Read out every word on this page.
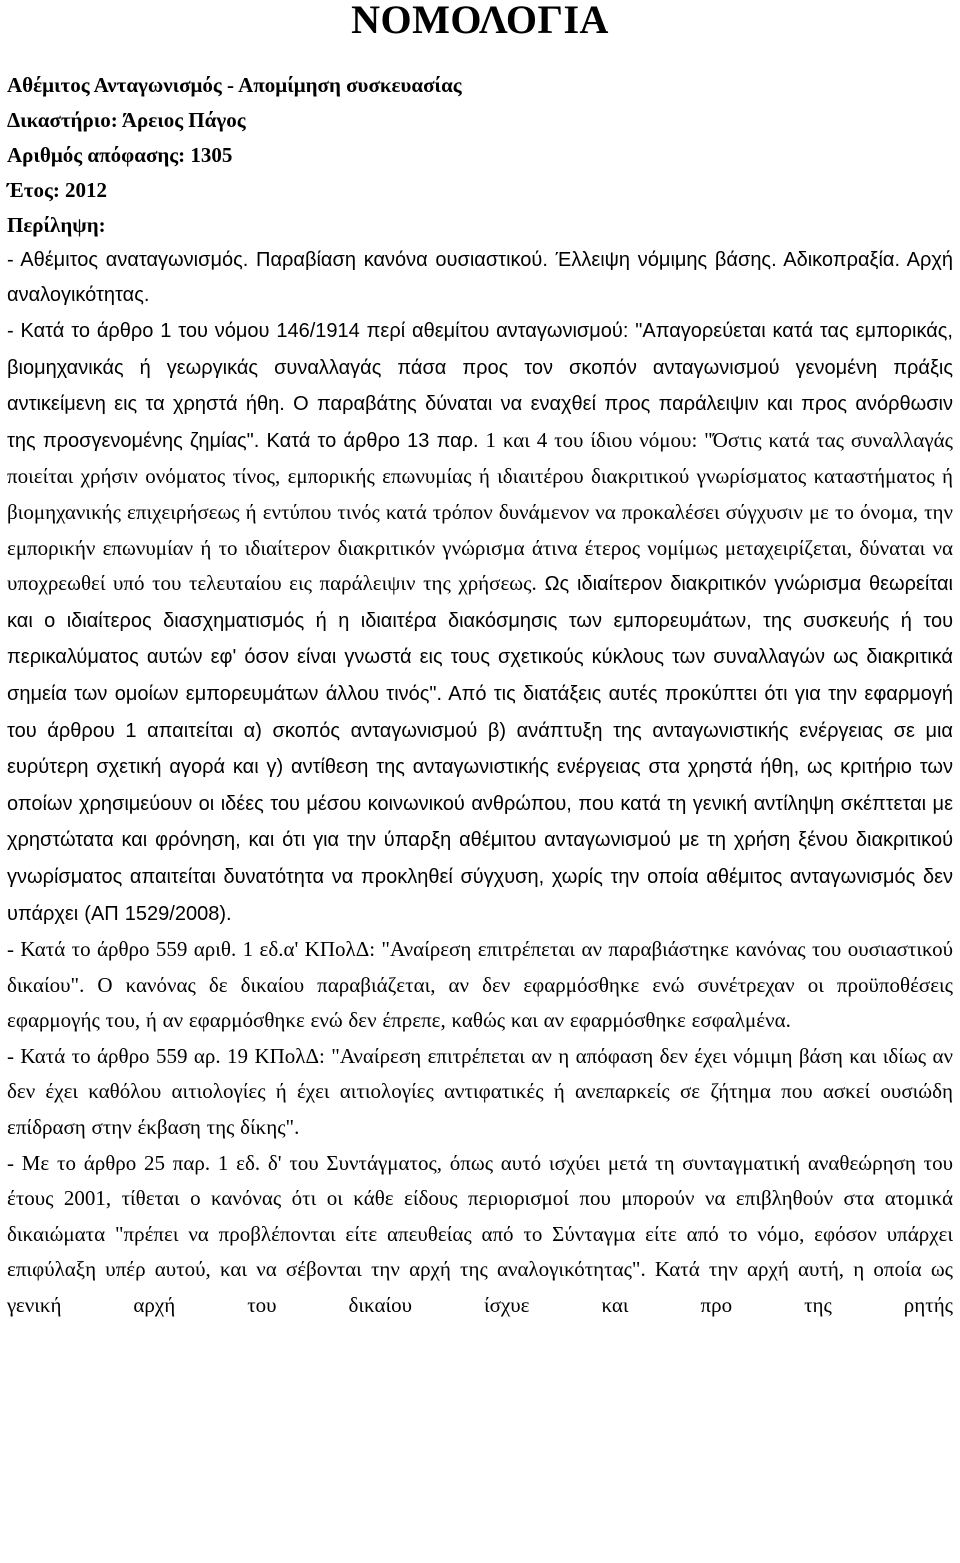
ΝΟΜΟΛΟΓΙΑ
Αθέμιτος Ανταγωνισμός - Απομίμηση συσκευασίας
Δικαστήριο: Άρειος Πάγος
Αριθμός απόφασης: 1305
Έτος: 2012
Περίληψη:

- Αθέμιτος αναταγωνισμός. Παραβίαση κανόνα ουσιαστικού. Έλλειψη νόμιμης βάσης. Αδικοπραξία. Αρχή αναλογικότητας.

- Κατά το άρθρο 1 του νόμου 146/1914 περί αθεμίτου ανταγωνισμού: "Απαγορεύεται κατά τας εμπορικάς, βιομηχανικάς ή γεωργικάς συναλλαγάς πάσα προς τον σκοπόν ανταγωνισμού γενομένη πράξις αντικείμενη εις τα χρηστά ήθη. Ο παραβάτης δύναται να εναχθεί προς παράλειψιν και προς ανόρθωσιν της προσγενομένης ζημίας". Κατά το άρθρο 13 παρ. 1 και 4 του ίδιου νόμου: "Όστις κατά τας συναλλαγάς ποιείται χρήσιν ονόματος τίνος, εμπορικής επωνυμίας ή ιδιαιτέρου διακριτικού γνωρίσματος καταστήματος ή βιομηχανικής επιχειρήσεως ή εντύπου τινός κατά τρόπον δυνάμενον να προκαλέσει σύγχυσιν με το όνομα, την εμπορικήν επωνυμίαν ή το ιδιαίτερον διακριτικόν γνώρισμα άτινα έτερος νομίμως μεταχειρίζεται, δύναται να υποχρεωθεί υπό του τελευταίου εις παράλειψιν της χρήσεως. Ως ιδιαίτερον διακριτικόν γνώρισμα θεωρείται και ο ιδιαίτερος διασχηματισμός ή η ιδιαιτέρα διακόσμησις των εμπορευμάτων, της συσκευής ή του περικαλύματος αυτών εφ' όσον είναι γνωστά εις τους σχετικούς κύκλους των συναλλαγών ως διακριτικά σημεία των ομοίων εμπορευμάτων άλλου τινός". Από τις διατάξεις αυτές προκύπτει ότι για την εφαρμογή του άρθρου 1 απαιτείται α) σκοπός ανταγωνισμού β) ανάπτυξη της ανταγωνιστικής ενέργειας σε μια ευρύτερη σχετική αγορά και γ) αντίθεση της ανταγωνιστικής ενέργειας στα χρηστά ήθη, ως κριτήριο των οποίων χρησιμεύουν οι ιδέες του μέσου κοινωνικού ανθρώπου, που κατά τη γενική αντίληψη σκέπτεται με χρηστώτατα και φρόνηση, και ότι για την ύπαρξη αθέμιτου ανταγωνισμού με τη χρήση ξένου διακριτικού γνωρίσματος απαιτείται δυνατότητα να προκληθεί σύγχυση, χωρίς την οποία αθέμιτος ανταγωνισμός δεν υπάρχει (ΑΠ 1529/2008).

- Κατά το άρθρο 559 αριθ. 1 εδ.α' ΚΠολΔ: "Αναίρεση επιτρέπεται αν παραβιάστηκε κανόνας του ουσιαστικού δικαίου". Ο κανόνας δε δικαίου παραβιάζεται, αν δεν εφαρμόσθηκε ενώ συνέτρεχαν οι προϋποθέσεις εφαρμογής του, ή αν εφαρμόσθηκε ενώ δεν έπρεπε, καθώς και αν εφαρμόσθηκε εσφαλμένα.

- Κατά το άρθρο 559 αρ. 19 ΚΠολΔ: "Αναίρεση επιτρέπεται αν η απόφαση δεν έχει νόμιμη βάση και ιδίως αν δεν έχει καθόλου αιτιολογίες ή έχει αιτιολογίες αντιφατικές ή ανεπαρκείς σε ζήτημα που ασκεί ουσιώδη επίδραση στην έκβαση της δίκης".

- Με το άρθρο 25 παρ. 1 εδ. δ' του Συντάγματος, όπως αυτό ισχύει μετά τη συνταγματική αναθεώρηση του έτους 2001, τίθεται ο κανόνας ότι οι κάθε είδους περιορισμοί που μπορούν να επιβληθούν στα ατομικά δικαιώματα "πρέπει να προβλέπονται είτε απευθείας από το Σύνταγμα είτε από το νόμο, εφόσον υπάρχει επιφύλαξη υπέρ αυτού, και να σέβονται την αρχή της αναλογικότητας". Κατά την αρχή αυτή, η οποία ως γενική αρχή του δικαίου ίσχυε και προ της ρητής
